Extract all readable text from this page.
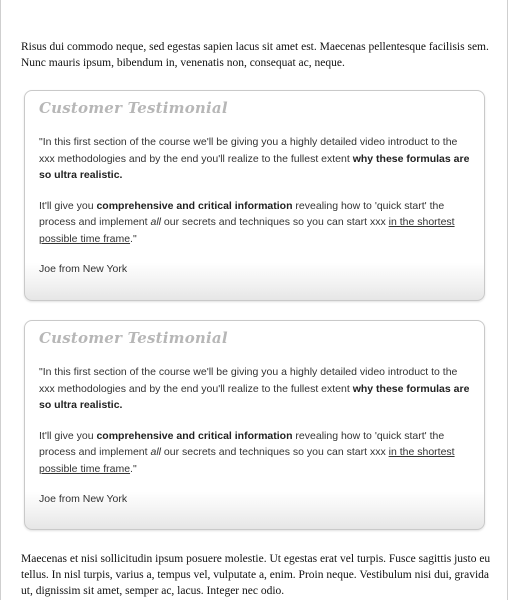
Risus dui commodo neque, sed egestas sapien lacus sit amet est. Maecenas pellentesque facilisis sem. Nunc mauris ipsum, bibendum in, venenatis non, consequat ac, neque.

Customer Testimonial

"In this first section of the course we'll be giving you a highly detailed video introduct to the xxx methodologies and by the end you'll realize to the fullest extent why these formulas are so ultra realistic.

It'll give you comprehensive and critical information revealing how to 'quick start' the process and implement all our secrets and techniques so you can start xxx in the shortest possible time frame."

Joe from New York

Customer Testimonial

"In this first section of the course we'll be giving you a highly detailed video introduct to the xxx methodologies and by the end you'll realize to the fullest extent why these formulas are so ultra realistic.

It'll give you comprehensive and critical information revealing how to 'quick start' the process and implement all our secrets and techniques so you can start xxx in the shortest possible time frame."

Joe from New York

Maecenas et nisi sollicitudin ipsum posuere molestie. Ut egestas erat vel turpis. Fusce sagittis justo eu tellus. In nisl turpis, varius a, tempus vel, vulputate a, enim. Proin neque. Vestibulum nisi dui, gravida ut, dignissim sit amet, semper ac, lacus. Integer nec odio.
